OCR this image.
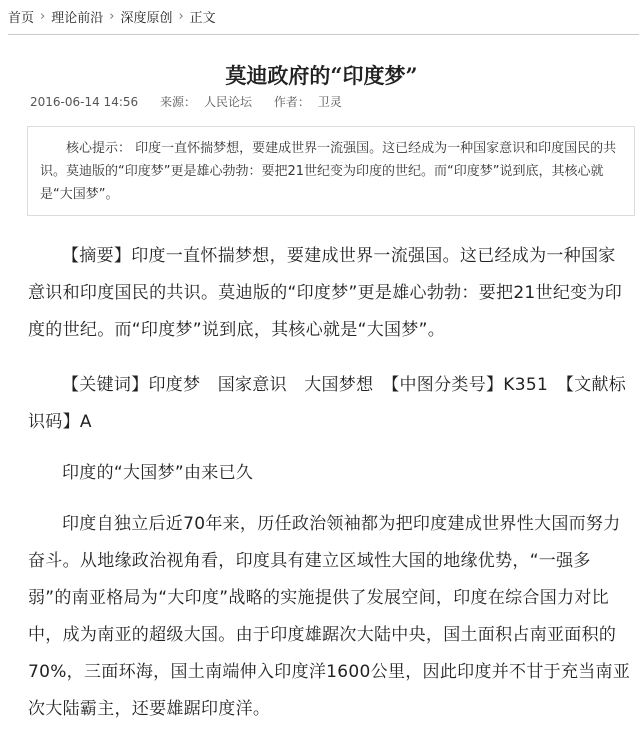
首页 › 理论前沿 › 深度原创 › 正文
莫迪政府的“印度梦”
2016-06-14 14:56 来源： 人民论坛 作者： 卫灵

核心提示： 印度一直怀揣梦想，要建成世界一流强国。这已经成为一种国家意识和印度国民的共识。莫迪版的“印度梦”更是雄心勃勃：要把21世纪变为印度的世纪。而“印度梦”说到底，其核心就是“大国梦”。

【摘要】印度一直怀揣梦想，要建成世界一流强国。这已经成为一种国家意识和印度国民的共识。莫迪版的“印度梦”更是雄心勃勃：要把21世纪变为印度的世纪。而“印度梦”说到底，其核心就是“大国梦”。

【关键词】印度梦　国家意识　大国梦想　【中图分类号】K351　【文献标识码】A

印度的“大国梦”由来已久

印度自独立后近70年来，历任政治领袖都为把印度建成世界性大国而努力奋斗。从地缘政治视角看，印度具有建立区域性大国的地缘优势，“一强多弱”的南亚格局为“大印度”战略的实施提供了发展空间，印度在综合国力对比中，成为南亚的超级大国。由于印度雄踞次大陆中央，国土面积占南亚面积的70%，三面环海，国土南端伸入印度洋1600公里，因此印度并不甘于充当南亚次大陆霸主，还要雄踞印度洋。
